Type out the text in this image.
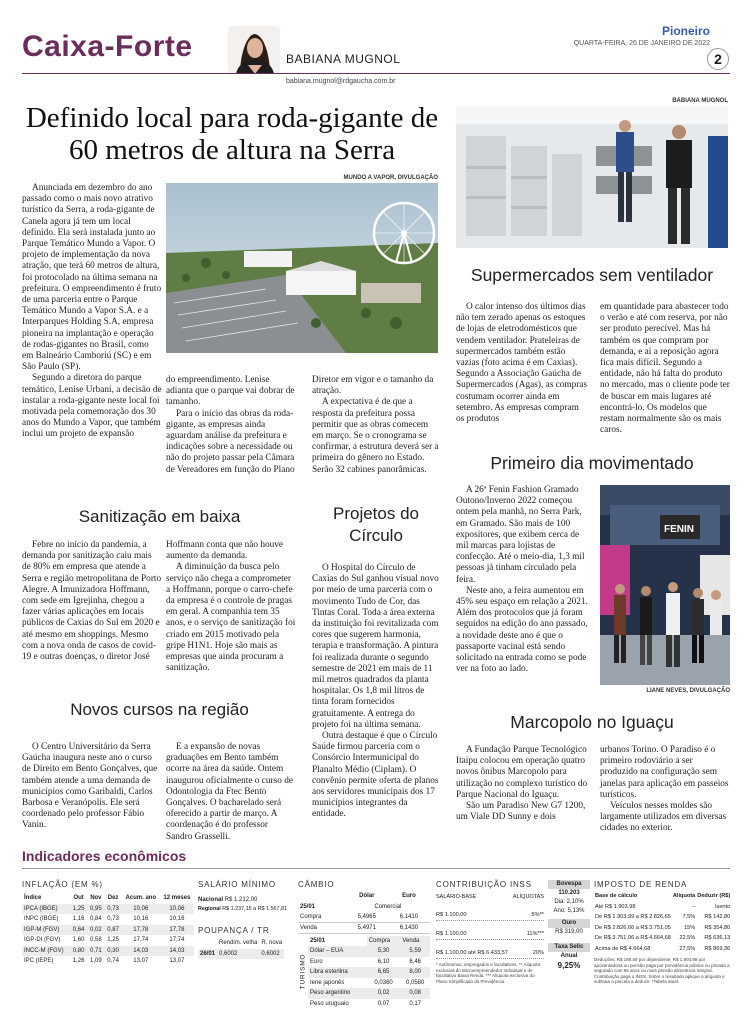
Caixa-Forte	BABIANA MUGNOL
babiana.mugnol@rdgaucha.com.br
Pioneiro
QUARTA-FEIRA, 26 DE JANEIRO DE 2022
2
Definido local para roda-gigante de 60 metros de altura na Serra
MUNDO A VAPOR, DIVULGAÇÃO

Anunciada em dezembro do ano passado como o mais novo atrativo turístico da Serra, a roda-gigante de Canela agora já tem um local definido. Ela será instalada junto ao Parque Temático Mundo a Vapor. O projeto de implementação da nova atração, que terá 60 metros de altura, foi protocolado na última semana na prefeitura. O empreendimento é fruto de uma parceria entre o Parque Temático Mundo a Vapor S.A. e a Interparques Holding S.A, empresa pioneira na implantação e operação de rodas-gigantes no Brasil, como em Balneário Camboriú (SC) e em São Paulo (SP).

Segundo a diretora do parque temático, Lenise Urbani, a decisão de instalar a roda-gigante neste local foi motivada pela comemoração dos 30 anos do Mundo a Vapor, que também inclui um projeto de expansão

do empreendimento. Lenise adianta que o parque vai dobrar de tamanho.

Para o início das obras da roda-gigante, as empresas ainda aguardam análise da prefeitura e indicações sobre a necessidade ou não do projeto passar pela Câmara de Vereadores em função do Plano

Diretor em vigor e o tamanho da atração.

A expectativa é de que a resposta da prefeitura possa permitir que as obras comecem em março. Se o cronograma se confirmar, a estrutura deverá ser a primeira do gênero no Estado. Serão 32 cabines panorâmicas.

Sanitização em baixa

Febre no início da pandemia, a demanda por sanitização caiu mais de 80% em empresa que atende a Serra e região metropolitana de Porto Alegre. A Imunizadora Hoffmann, com sede em Igrejinha, chegou a fazer várias aplicações em locais públicos de Caxias do Sul em 2020 e até mesmo em shoppings. Mesmo com a nova onda de casos de covid-19 e outras doenças, o diretor José

Hoffmann conta que não houve aumento da demanda.

A diminuição da busca pelo serviço não chega a comprometer a Hoffmann, porque o carro-chefe da empresa é o controle de pragas em geral. A companhia tem 35 anos, e o serviço de sanitização foi criado em 2015 motivado pela gripe H1N1. Hoje são mais as empresas que ainda procuram a sanitização.

Projetos do Círculo

O Hospital do Círculo de Caxias do Sul ganhou visual novo por meio de uma parceria com o movimento Tudo de Cor, das Tintas Coral. Toda a área externa da instituição foi revitalizada com cores que sugerem harmonia, terapia e transformação. A pintura foi realizada durante o segundo semestre de 2021 em mais de 11 mil metros quadrados da planta hospitalar. Os 1,8 mil litros de tinta foram fornecidos gratuitamente. A entrega do projeto foi na última semana.

Outra destaque é que o Círculo Saúde firmou parceria com o Consórcio Intermunicipal do Planalto Médio (Ciplam). O convênio permite oferta de planos aos servidores municipais dos 17 municípios integrantes da entidade.

Novos cursos na região

O Centro Universitário da Serra Gaúcha inaugura neste ano o curso de Direito em Bento Gonçalves, que também atende a uma demanda de municípios como Garibaldi, Carlos Barbosa e Veranópolis. Ele será coordenado pelo professor Fábio Vanin.

E a expansão de novas graduações em Bento também ocorre na área da saúde. Ontem inaugurou oficialmente o curso de Odontologia da Ftec Bento Gonçalves. O bacharelado será oferecido a partir de março. A coordenação é do professor Sandro Grasselli.

BABIANA MUGNOL
Supermercados sem ventilador

O calor intenso dos últimos dias não tem zerado apenas os estoques de lojas de eletrodomésticos que vendem ventilador. Prateleiras de supermercados também estão vazias (foto acima é em Caxias). Segundo a Associação Gaúcha de Supermercados (Agas), as compras costumam ocorrer ainda em setembro. As empresas compram os produtos

em quantidade para abastecer todo o verão e até com reserva, por não ser produto perecível. Mas há também os que compram por demanda, e aí a reposição agora fica mais difícil. Segundo a entidade, não há falta do produto no mercado, mas o cliente pode ter de buscar em mais lugares até encontrá-lo. Os modelos que restam normalmente são os mais caros.

Primeiro dia movimentado

A 26ª Fenin Fashion Gramado Outono/Inverno 2022 começou ontem pela manhã, no Serra Park, em Gramado. São mais de 100 expositores, que exibem cerca de mil marcas para lojistas de confecção. Até o meio-dia, 1,3 mil pessoas já tinham circulado pela feira.

Neste ano, a feira aumentou em 45% seu espaço em relação a 2021. Além dos protocolos que já foram seguidos na edição do ano passado, a novidade deste ano é que o passaporte vacinal está sendo solicitado na entrada como se pode ver na foto ao lado.

FENIN
LIANE NEVES, DIVULGAÇÃO
Marcopolo no Iguaçu

A Fundação Parque Tecnológico Itaipu colocou em operação quatro novos ônibus Marcopolo para utilização no complexo turístico do Parque Nacional do Iguaçu.

São um Paradiso New G7 1200, um Viale DD Sunny e dois

urbanos Torino. O Paradiso é o primeiro rodoviário a ser produzido na configuração sem janelas para aplicação em passeios turísticos.

Veículos nesses moldes são largamente utilizados em diversas cidades no exterior.

Indicadores econômicos
INFLAÇÃO (EM %)
Índice	Out	Nov	Dez	Acum. ano	12 meses
IPCA (IBGE)	1,25	0,95	0,73	10,06	10,06
INPC (IBGE)	1,16	0,84	0,73	10,16	10,16
IGP-M (FGV)	0,64	0,02	0,87	17,78	17,78
IGP-DI (FGV)	1,60	0,58	1,25	17,74	17,74
INCC-M (FGV)	0,80	0,71	0,30	14,03	14,03
IPC (IEPE)	1,26	1,09	0,74	13,07	13,07
SALÁRIO MÍNIMO
Nacional R$ 1.212,00
Regional R$ 1.237,15 a R$ 1.567,81
POUPANÇA / TR
	Rendim. velha	R. nova
26/01	0,6002	0,6002
CÂMBIO
	Dólar	Euro
25/01	Comercial	
Compra	5,4965	6,1410
Venda	5,4971	6,1430
TURISMO
25/01	Compra	Venda
Dólar – EUA	5,30	5,59
Euro	6,10	6,46
Libra esterlina	6,65	8,00
Iene japonês	0,0360	0,0580
Peso argentino	0,02	0,08
Peso uruguaio	0,07	0,17
CONTRIBUIÇÃO INSS
SALÁRIO-BASE	ALÍQUOTAS
R$ 1.100,00	5%**
R$ 1.100,00	11%***
R$ 1.100,00 até R$ 6.433,57	20%
* Autônomos, empregados e facultativos. ** Alíquota exclusiva do Microempreendedor Individual e de facultativo Baixa Renda. *** Alíquota exclusiva do Plano Simplificado da Previdência.
Bovespa
110.203
Dia: 2,10%
Ano: 5,13%
Ouro
R$ 319,00
Taxa Selic
Anual
9,25%
IMPOSTO DE RENDA
Base de cálculo	Alíquota	Deduzir (R$)
Até R$ 1.903,98	–	Isento
De R$ 1.903,99 a R$ 2.826,65	7,5%	R$ 142,80
De R$ 2.826,66 a R$ 3.751,05	15%	R$ 354,80
De R$ 3.751,06 a R$ 4.664,68	22,5%	R$ 636,13
Acima de R$ 4.664,68	27,5%	R$ 869,36
Deduções: R$ 189,59 por dependente, R$ 1.903,98 por aposentadoria ou pensão paga por previdência pública ou privada a segurado com 65 anos ou mais pensão alimentícia integral. Contribuição paga o INSS. Sobre o resultado aplique a alíquota e subtraia a parcela a deduzir. *Tabela atual.
